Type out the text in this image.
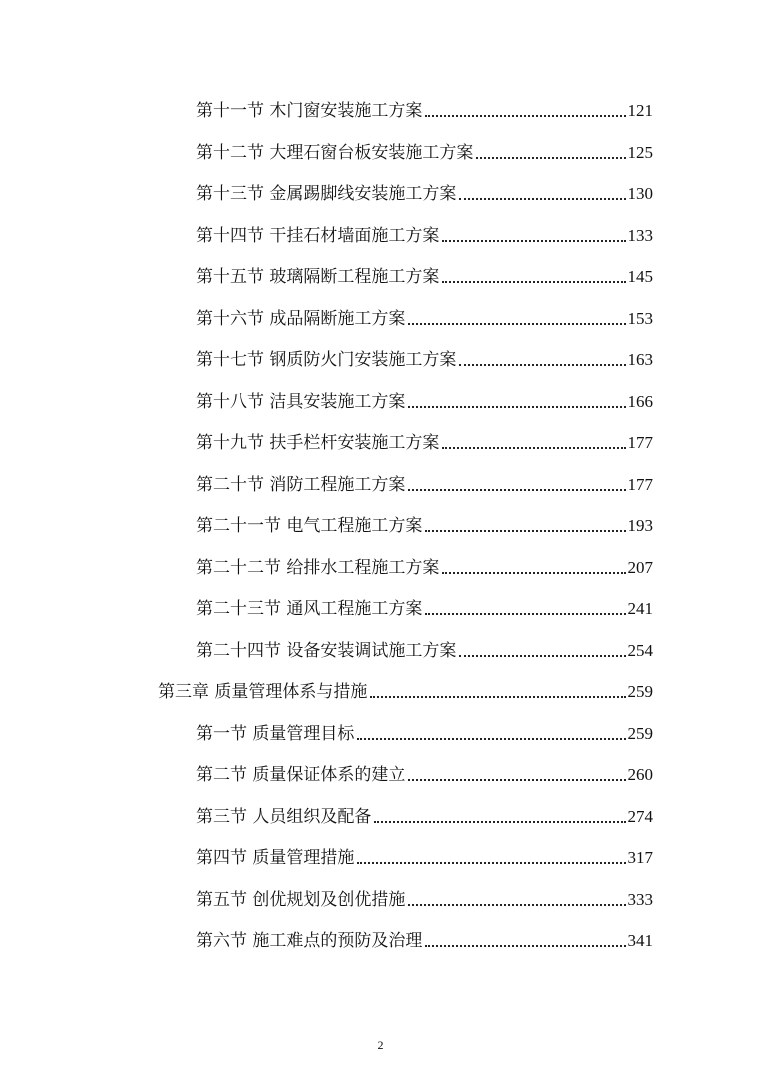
第十一节 木门窗安装施工方案	121
第十二节 大理石窗台板安装施工方案	125
第十三节 金属踢脚线安装施工方案	130
第十四节 干挂石材墙面施工方案	133
第十五节 玻璃隔断工程施工方案	145
第十六节 成品隔断施工方案	153
第十七节 钢质防火门安装施工方案	163
第十八节 洁具安装施工方案	166
第十九节 扶手栏杆安装施工方案	177
第二十节 消防工程施工方案	177
第二十一节 电气工程施工方案	193
第二十二节 给排水工程施工方案	207
第二十三节 通风工程施工方案	241
第二十四节 设备安装调试施工方案	254
第三章 质量管理体系与措施	259
第一节 质量管理目标	259
第二节 质量保证体系的建立	260
第三节 人员组织及配备	274
第四节 质量管理措施	317
第五节 创优规划及创优措施	333
第六节 施工难点的预防及治理	341
2
